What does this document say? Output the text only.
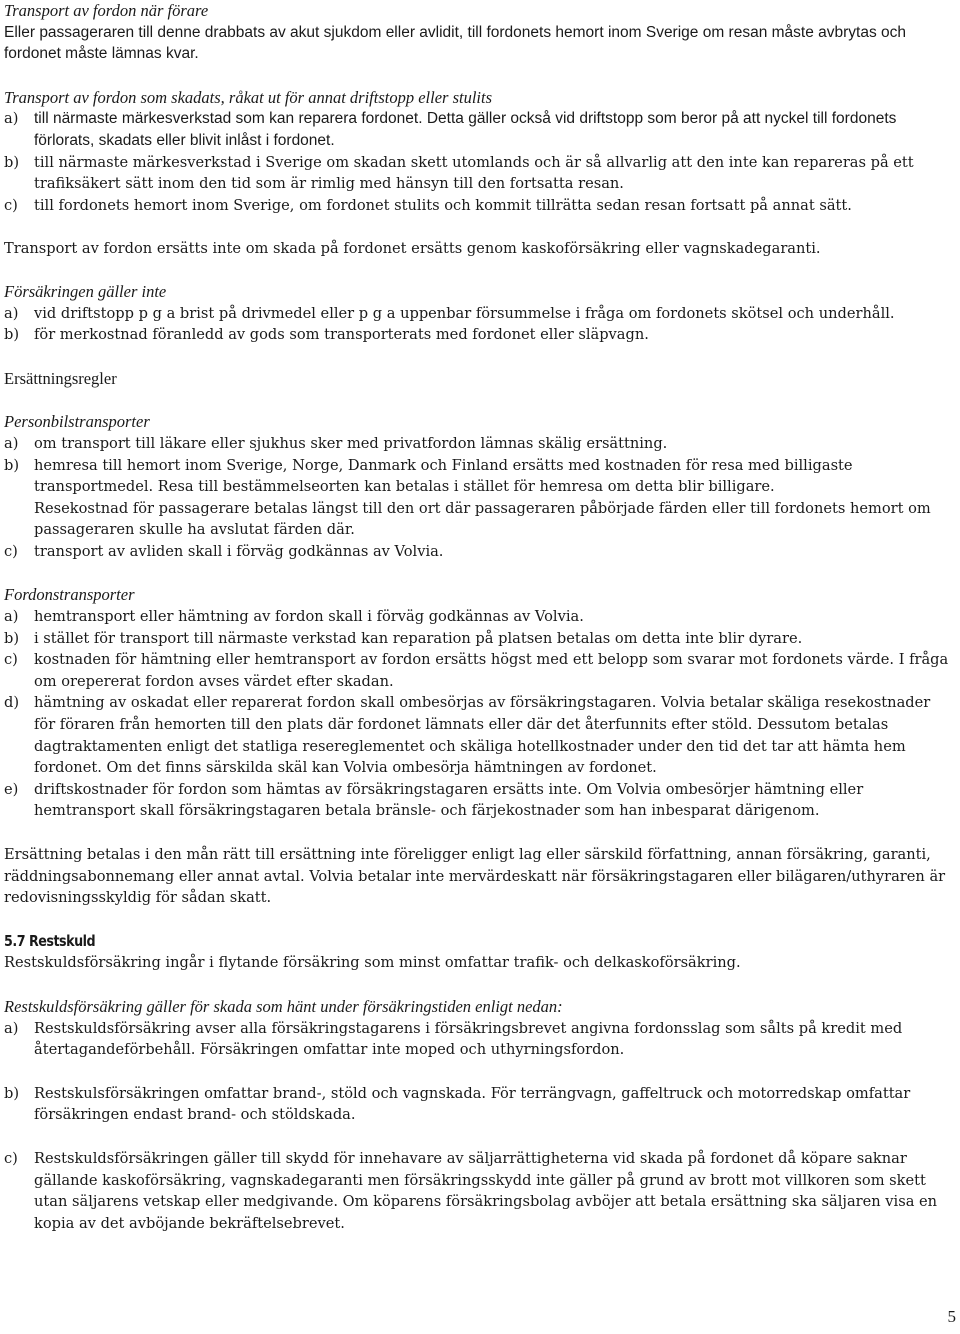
Transport av fordon när förare

Eller passageraren till denne drabbats av akut sjukdom eller avlidit, till fordonets hemort inom Sverige om resan måste avbrytas och fordonet måste lämnas kvar.

Transport av fordon som skadats, råkat ut för annat driftstopp eller stulits

a)	till närmaste märkesverkstad som kan reparera fordonet. Detta gäller också vid driftstopp som beror på att nyckel till fordonets förlorats, skadats eller blivit inlåst i fordonet.
b)	till närmaste märkesverkstad i Sverige om skadan skett utomlands och är så allvarlig att den inte kan repareras på ett trafiksäkert sätt inom den tid som är rimlig med hänsyn till den fortsatta resan.
c)	till fordonets hemort inom Sverige, om fordonet stulits och kommit tillrätta sedan resan fortsatt på annat sätt.

Transport av fordon ersätts inte om skada på fordonet ersätts genom kaskoförsäkring eller vagnskadegaranti.

Försäkringen gäller inte

a)	vid driftstopp p g a brist på drivmedel eller p g a uppenbar försummelse i fråga om fordonets skötsel och underhåll.
b)	för merkostnad föranledd av gods som transporterats med fordonet eller släpvagn.

Ersättningsregler

Personbilstransporter

a)	om transport till läkare eller sjukhus sker med privatfordon lämnas skälig ersättning.
b)	hemresa till hemort inom Sverige, Norge, Danmark och Finland ersätts med kostnaden för resa med billigaste transportmedel. Resa till bestämmelseorten kan betalas i stället för hemresa om detta blir billigare.
Resekostnad för passagerare betalas längst till den ort där passageraren påbörjade färden eller till fordonets hemort om passageraren skulle ha avslutat färden där.
c)	transport av avliden skall i förväg godkännas av Volvia.

Fordonstransporter

a)	hemtransport eller hämtning av fordon skall i förväg godkännas av Volvia.
b)	i stället för transport till närmaste verkstad kan reparation på platsen betalas om detta inte blir dyrare.
c)	kostnaden för hämtning eller hemtransport av fordon ersätts högst med ett belopp som svarar mot fordonets värde. I fråga om orepererat fordon avses värdet efter skadan.
d)	hämtning av oskadat eller reparerat fordon skall ombesörjas av försäkringstagaren. Volvia betalar skäliga resekostnader för föraren från hemorten till den plats där fordonet lämnats eller där det återfunnits efter stöld. Dessutom betalas dagtraktamenten enligt det statliga resereglementet och skäliga hotellkostnader under den tid det tar att hämta hem fordonet. Om det finns särskilda skäl kan Volvia ombesörja hämtningen av fordonet.
e)	driftskostnader för fordon som hämtas av försäkringstagaren ersätts inte. Om Volvia ombesörjer hämtning eller hemtransport skall försäkringstagaren betala bränsle- och färjekostnader som han inbesparat därigenom.

Ersättning betalas i den mån rätt till ersättning inte föreligger enligt lag eller särskild författning, annan försäkring, garanti, räddningsabonnemang eller annat avtal. Volvia betalar inte mervärdeskatt när försäkringstagaren eller bilägaren/uthyraren är redovisningsskyldig för sådan skatt.

5.7 Restskuld

Restskuldsförsäkring ingår i flytande försäkring som minst omfattar trafik- och delkaskoförsäkring.

Restskuldsförsäkring gäller för skada som hänt under försäkringstiden enligt nedan:

a)	Restskuldsförsäkring avser alla försäkringstagarens i försäkringsbrevet angivna fordonsslag som sålts på kredit med återtagandeförbehåll. Försäkringen omfattar inte moped och uthyrningsfordon.
b)	Restskulsförsäkringen omfattar brand-, stöld och vagnskada. För terrängvagn, gaffeltruck och motorredskap omfattar försäkringen endast brand- och stöldskada.
c)	Restskuldsförsäkringen gäller till skydd för innehavare av säljarrättigheterna vid skada på fordonet då köpare saknar gällande kaskoförsäkring, vagnskadegaranti men försäkringsskydd inte gäller på grund av brott mot villkoren som skett utan säljarens vetskap eller medgivande. Om köparens försäkringsbolag avböjer att betala ersättning ska säljaren visa en kopia av det avböjande bekräftelsebrevet.
5
